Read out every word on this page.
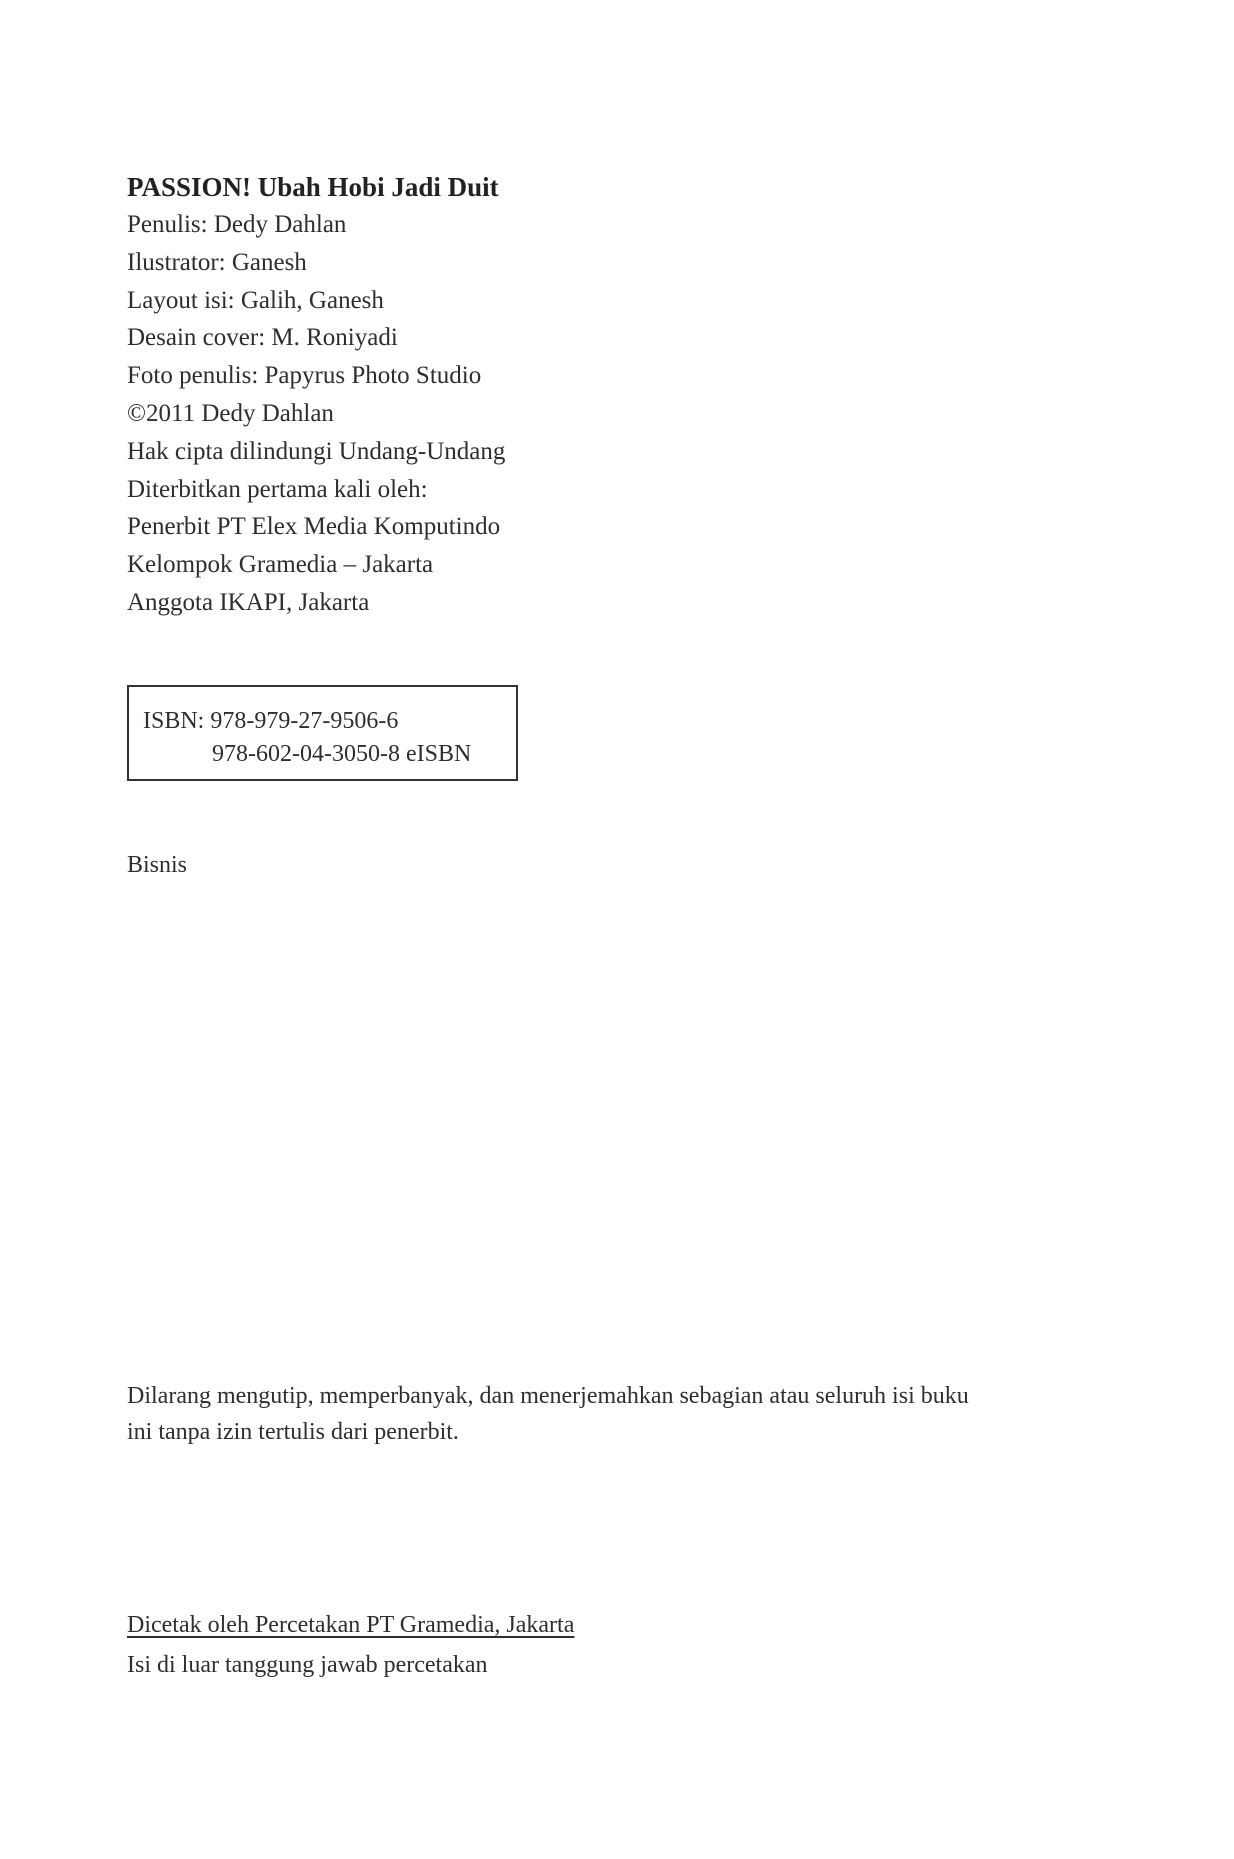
PASSION! Ubah Hobi Jadi Duit
Penulis: Dedy Dahlan
Ilustrator: Ganesh
Layout isi: Galih, Ganesh
Desain cover: M. Roniyadi
Foto penulis: Papyrus Photo Studio
©2011 Dedy Dahlan
Hak cipta dilindungi Undang-Undang
Diterbitkan pertama kali oleh:
Penerbit PT Elex Media Komputindo
Kelompok Gramedia – Jakarta
Anggota IKAPI, Jakarta
ISBN: 978-979-27-9506-6
978-602-04-3050-8 eISBN
Bisnis
Dilarang mengutip, memperbanyak, dan menerjemahkan sebagian atau seluruh isi buku
ini tanpa izin tertulis dari penerbit.
Dicetak oleh Percetakan PT Gramedia, Jakarta
Isi di luar tanggung jawab percetakan
